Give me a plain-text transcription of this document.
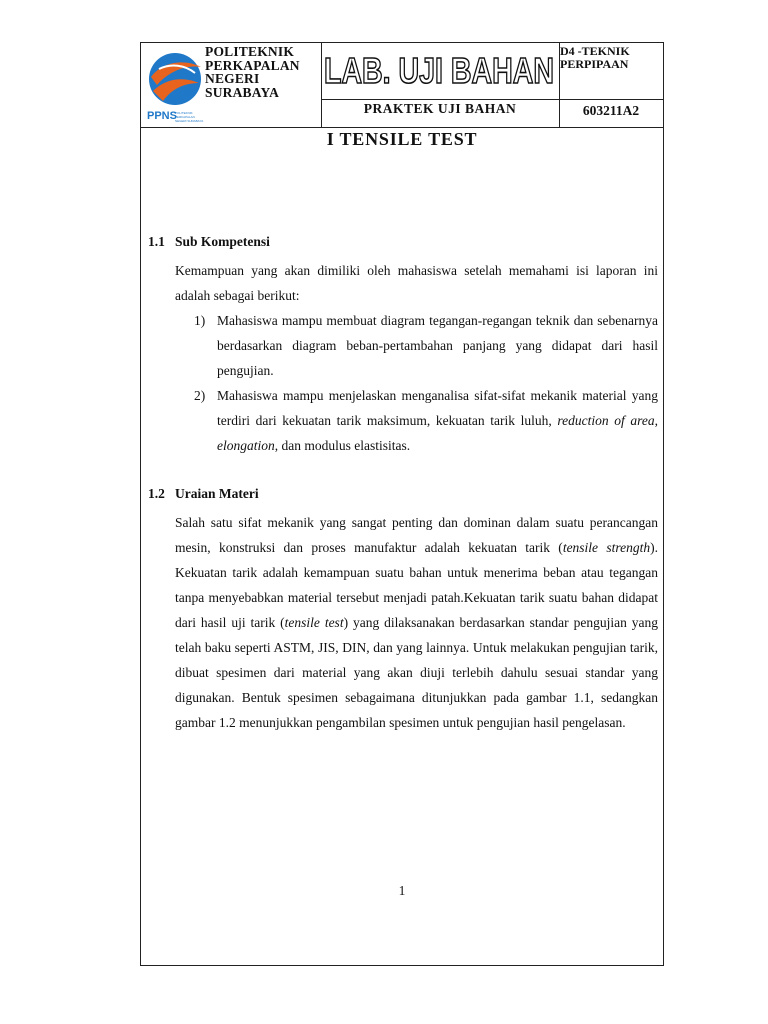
PPNS
POLITEKNIK
PERKAPALAN
NEGERI SURABAYA
POLITEKNIK
PERKAPALAN
NEGERI
SURABAYA
LAB. UJI BAHAN D4 -TEKNIK
PERPIPAAN
PRAKTEK UJI BAHAN	603211A2
I TENSILE TEST
1.1 Sub Kompetensi
Kemampuan yang akan dimiliki oleh mahasiswa setelah memahami isi laporan ini adalah sebagai berikut:
1) Mahasiswa mampu membuat diagram tegangan-regangan teknik dan sebenarnya berdasarkan diagram beban-pertambahan panjang yang didapat dari hasil pengujian.
2) Mahasiswa mampu menjelaskan menganalisa sifat-sifat mekanik material yang terdiri dari kekuatan tarik maksimum, kekuatan tarik luluh, reduction of area, elongation, dan modulus elastisitas.
1.2 Uraian Materi
Salah satu sifat mekanik yang sangat penting dan dominan dalam suatu perancangan mesin, konstruksi dan proses manufaktur adalah kekuatan tarik (tensile strength). Kekuatan tarik adalah kemampuan suatu bahan untuk menerima beban atau tegangan tanpa menyebabkan material tersebut menjadi patah.Kekuatan tarik suatu bahan didapat dari hasil uji tarik (tensile test) yang dilaksanakan berdasarkan standar pengujian yang telah baku seperti ASTM, JIS, DIN, dan yang lainnya. Untuk melakukan pengujian tarik, dibuat spesimen dari material yang akan diuji terlebih dahulu sesuai standar yang digunakan. Bentuk spesimen sebagaimana ditunjukkan pada gambar 1.1, sedangkan gambar 1.2 menunjukkan pengambilan spesimen untuk pengujian hasil pengelasan.
1
